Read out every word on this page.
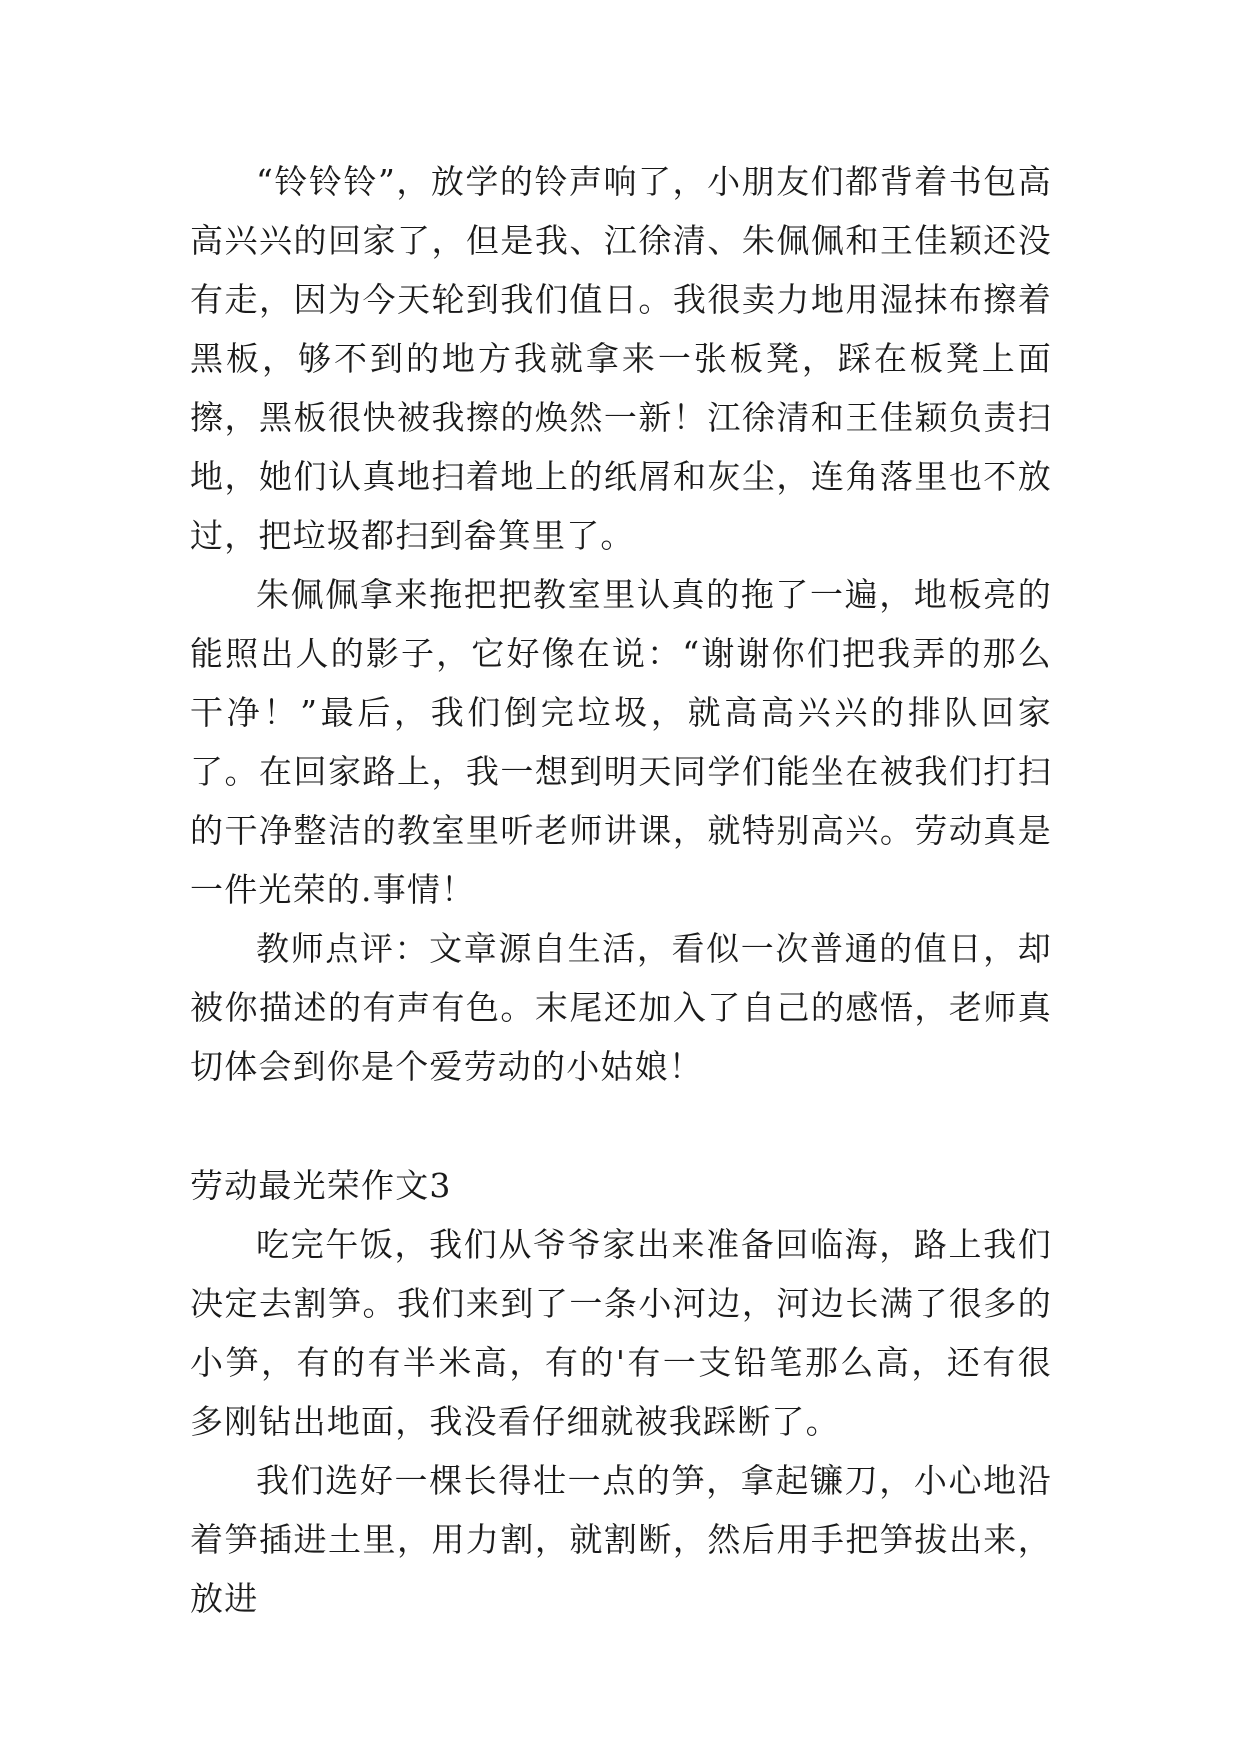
“铃铃铃”，放学的铃声响了，小朋友们都背着书包高高兴兴的回家了，但是我、江徐清、朱佩佩和王佳颖还没有走，因为今天轮到我们值日。我很卖力地用湿抹布擦着黑板，够不到的地方我就拿来一张板凳，踩在板凳上面擦，黑板很快被我擦的焕然一新！江徐清和王佳颖负责扫地，她们认真地扫着地上的纸屑和灰尘，连角落里也不放过，把垃圾都扫到畚箕里了。

朱佩佩拿来拖把把教室里认真的拖了一遍，地板亮的能照出人的影子，它好像在说：“谢谢你们把我弄的那么干净！”最后，我们倒完垃圾，就高高兴兴的排队回家了。在回家路上，我一想到明天同学们能坐在被我们打扫的干净整洁的教室里听老师讲课，就特别高兴。劳动真是一件光荣的.事情！

教师点评：文章源自生活，看似一次普通的值日，却被你描述的有声有色。末尾还加入了自己的感悟，老师真切体会到你是个爱劳动的小姑娘！

劳动最光荣作文3

吃完午饭，我们从爷爷家出来准备回临海，路上我们决定去割笋。我们来到了一条小河边，河边长满了很多的小笋，有的有半米高，有的'有一支铅笔那么高，还有很多刚钻出地面，我没看仔细就被我踩断了。

我们选好一棵长得壮一点的笋，拿起镰刀，小心地沿着笋插进土里，用力割，就割断，然后用手把笋拔出来，放进
